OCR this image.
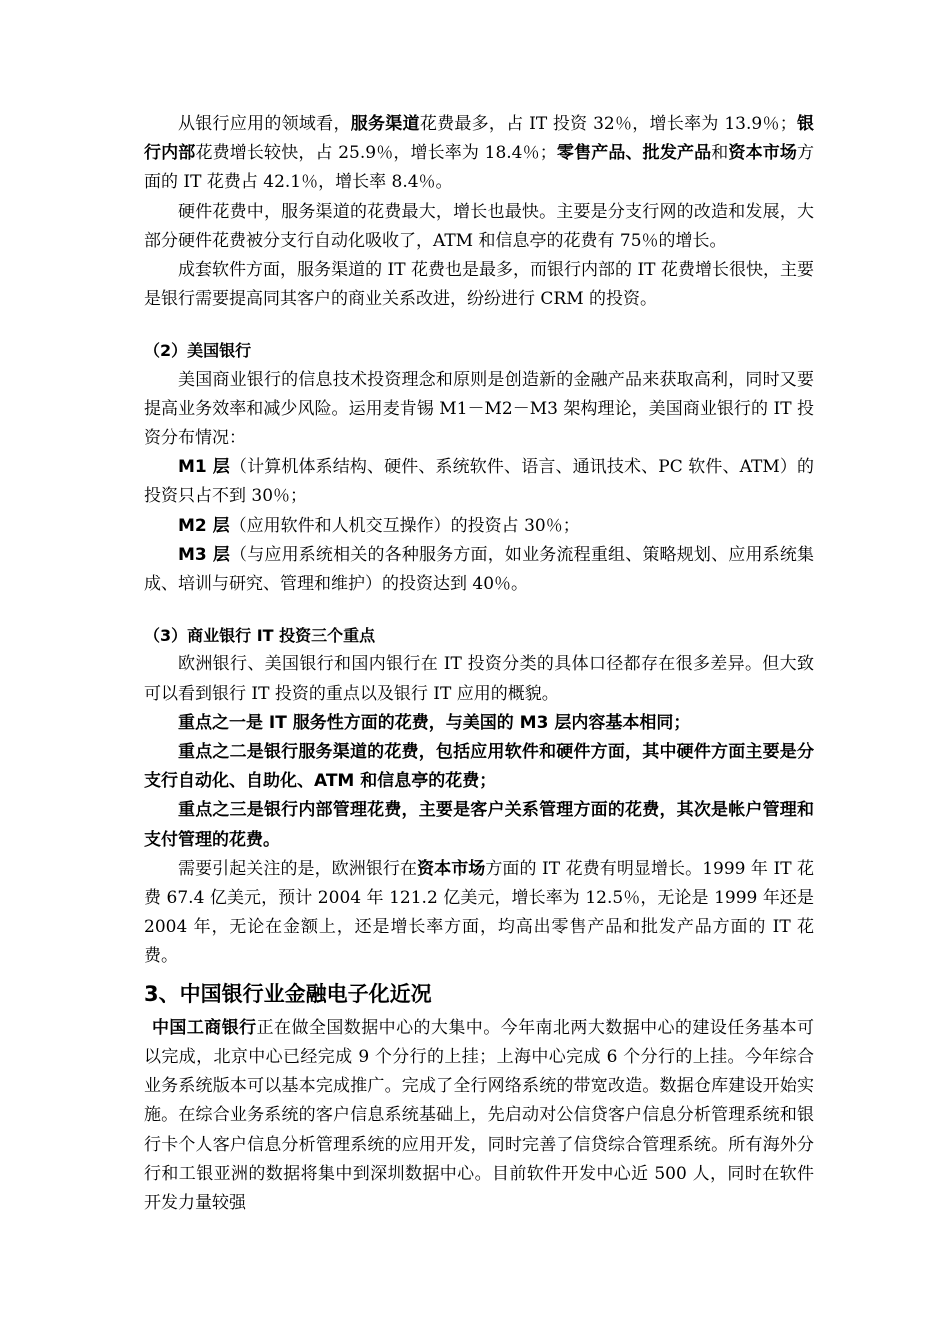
从银行应用的领域看，服务渠道花费最多，占 IT 投资 32％，增长率为 13.9％；银行内部花费增长较快，占 25.9％，增长率为 18.4％；零售产品、批发产品和资本市场方面的 IT 花费占 42.1％，增长率 8.4％。

硬件花费中，服务渠道的花费最大，增长也最快。主要是分支行网的改造和发展，大部分硬件花费被分支行自动化吸收了，ATM 和信息亭的花费有 75％的增长。

成套软件方面，服务渠道的 IT 花费也是最多，而银行内部的 IT 花费增长很快，主要是银行需要提高同其客户的商业关系改进，纷纷进行 CRM 的投资。

（2）美国银行

美国商业银行的信息技术投资理念和原则是创造新的金融产品来获取高利，同时又要提高业务效率和减少风险。运用麦肯锡 M1－M2－M3 架构理论，美国商业银行的 IT 投资分布情况：

M1 层（计算机体系结构、硬件、系统软件、语言、通讯技术、PC 软件、ATM）的投资只占不到 30％；

M2 层（应用软件和人机交互操作）的投资占 30％；

M3 层（与应用系统相关的各种服务方面，如业务流程重组、策略规划、应用系统集成、培训与研究、管理和维护）的投资达到 40％。

（3）商业银行 IT 投资三个重点

欧洲银行、美国银行和国内银行在 IT 投资分类的具体口径都存在很多差异。但大致可以看到银行 IT 投资的重点以及银行 IT 应用的概貌。

重点之一是 IT 服务性方面的花费，与美国的 M3 层内容基本相同；

重点之二是银行服务渠道的花费，包括应用软件和硬件方面，其中硬件方面主要是分支行自动化、自助化、ATM 和信息亭的花费；

重点之三是银行内部管理花费，主要是客户关系管理方面的花费，其次是帐户管理和支付管理的花费。

需要引起关注的是，欧洲银行在资本市场方面的 IT 花费有明显增长。1999 年 IT 花费 67.4 亿美元，预计 2004 年 121.2 亿美元，增长率为 12.5％，无论是 1999 年还是 2004 年，无论在金额上，还是增长率方面，均高出零售产品和批发产品方面的 IT 花费。

3、中国银行业金融电子化近况

中国工商银行正在做全国数据中心的大集中。今年南北两大数据中心的建设任务基本可以完成，北京中心已经完成 9 个分行的上挂；上海中心完成 6 个分行的上挂。今年综合业务系统版本可以基本完成推广。完成了全行网络系统的带宽改造。数据仓库建设开始实施。在综合业务系统的客户信息系统基础上，先启动对公信贷客户信息分析管理系统和银行卡个人客户信息分析管理系统的应用开发，同时完善了信贷综合管理系统。所有海外分行和工银亚洲的数据将集中到深圳数据中心。目前软件开发中心近 500 人，同时在软件开发力量较强
